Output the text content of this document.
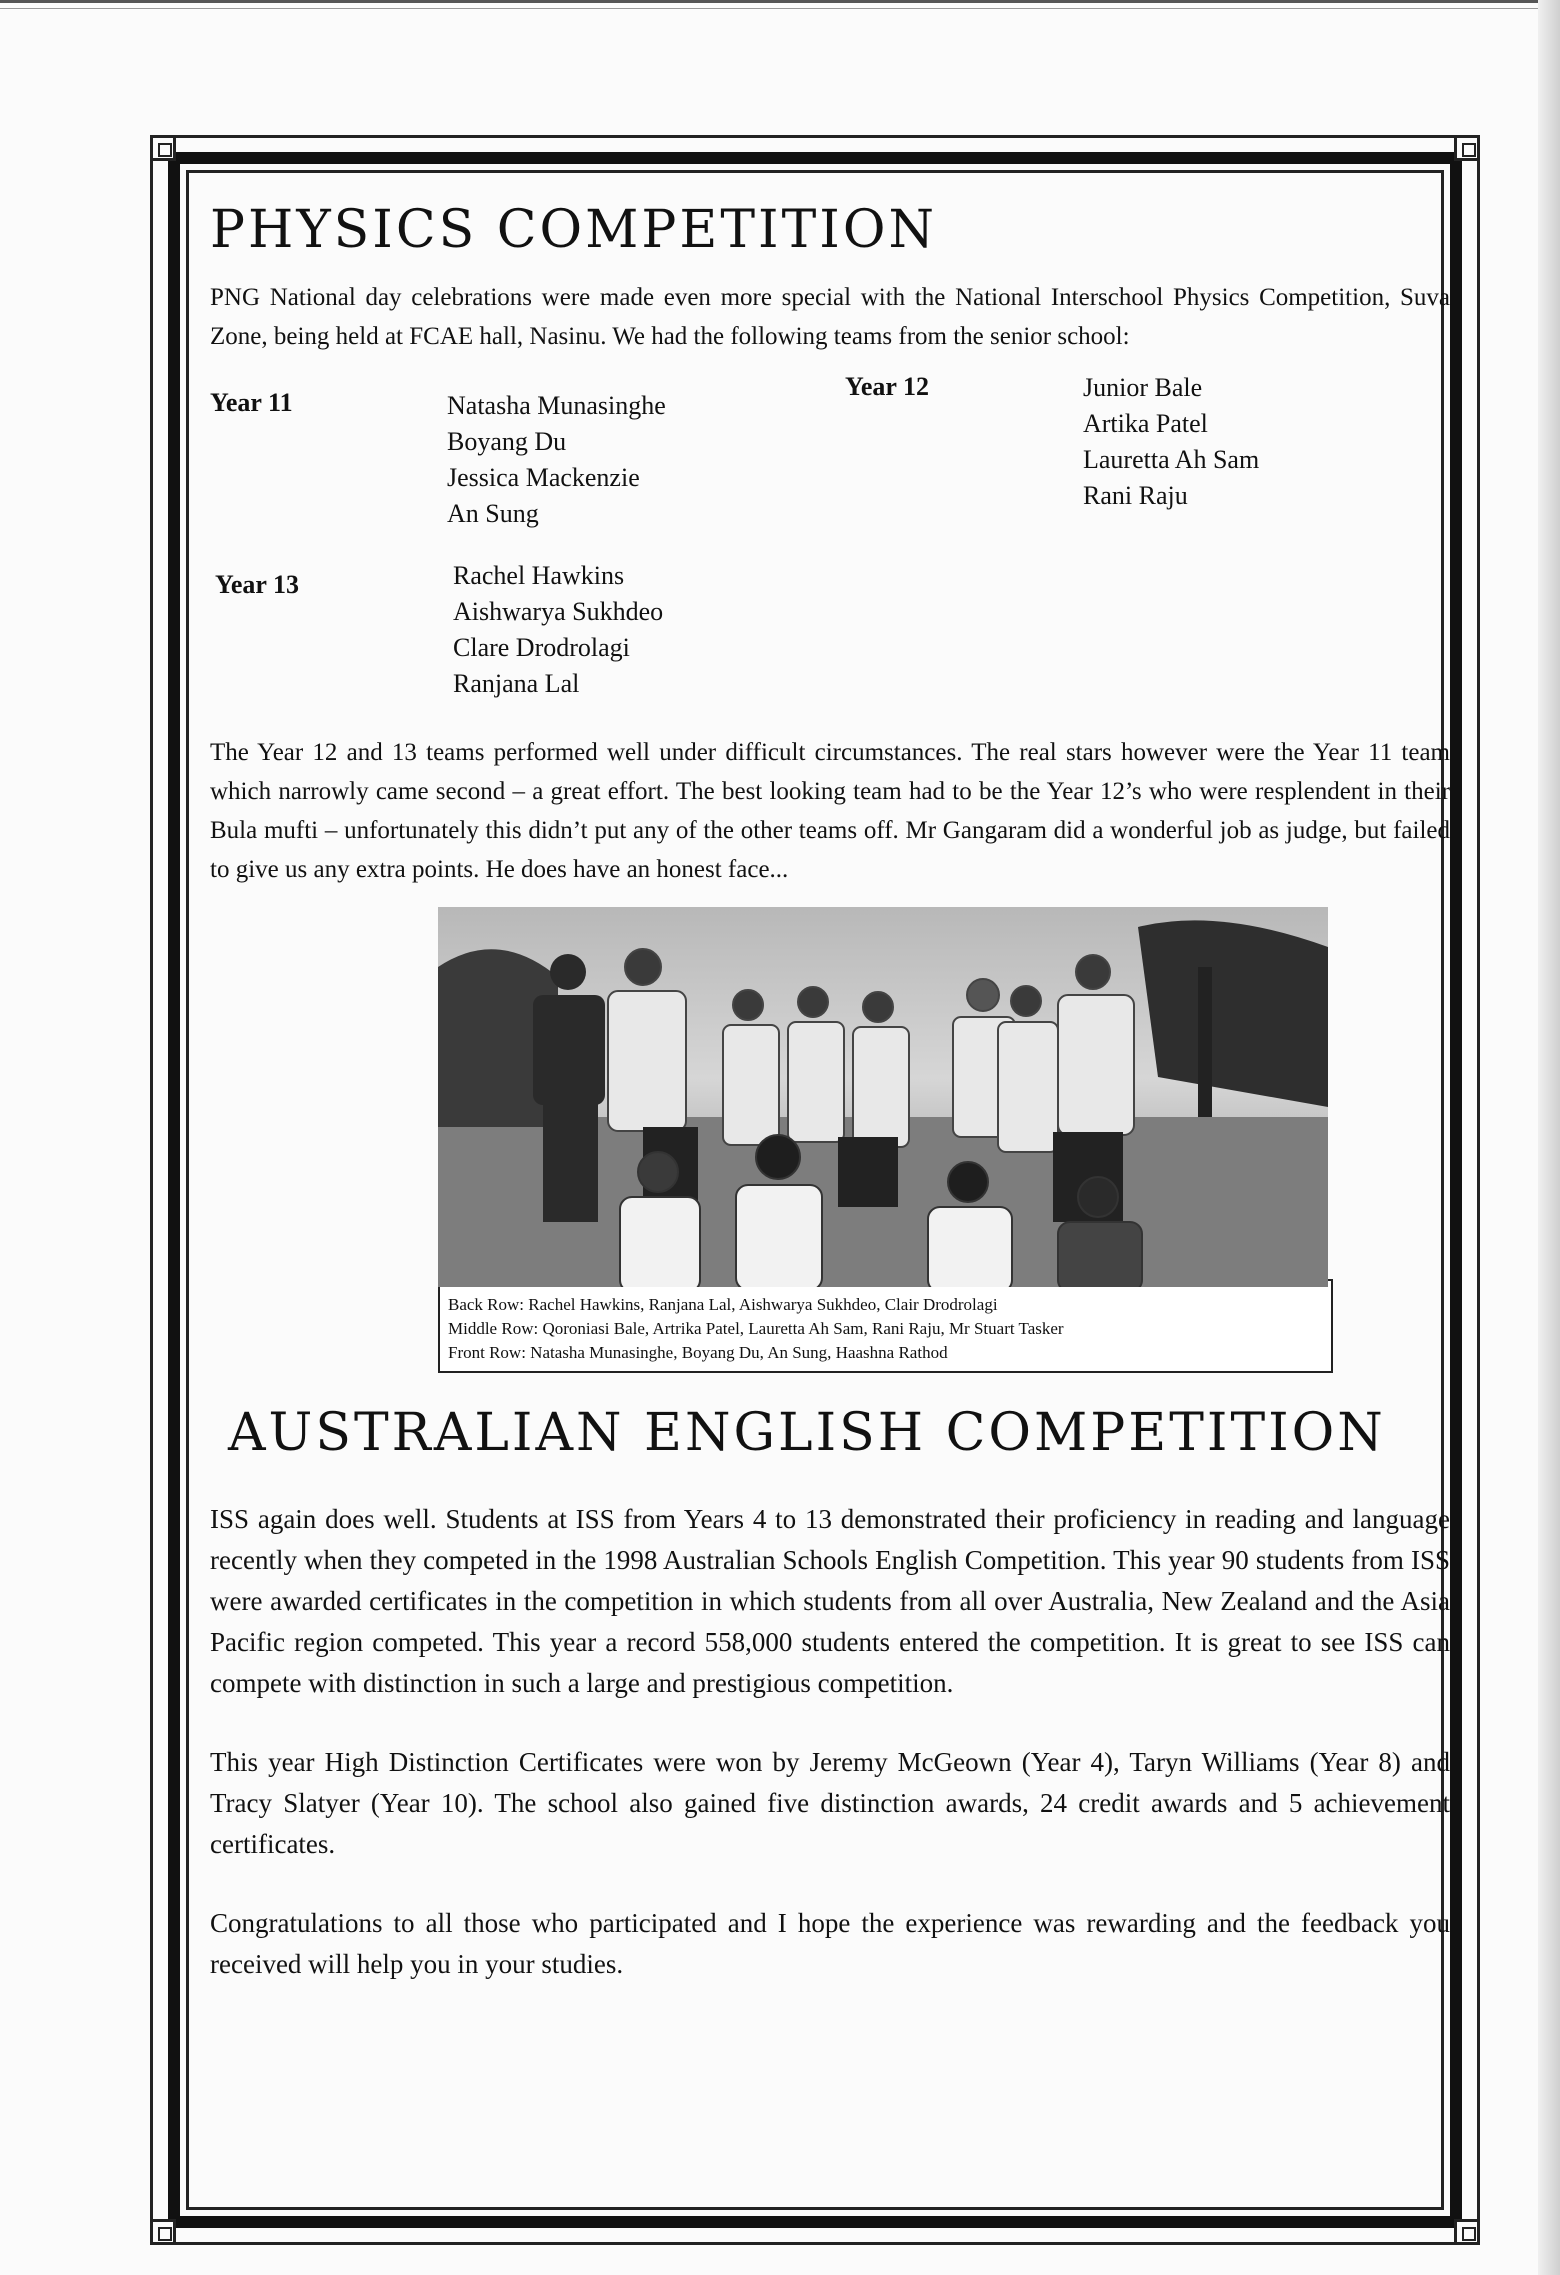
PHYSICS COMPETITION

PNG National day celebrations were made even more special with the National Interschool Physics Competition, Suva Zone, being held at FCAE hall, Nasinu. We had the following teams from the senior school:

Year 11	Natasha Munasinghe
Boyang Du
Jessica Mackenzie
An Sung
Year 12	Junior Bale
Artika Patel
Lauretta Ah Sam
Rani Raju
Year 13	Rachel Hawkins
Aishwarya Sukhdeo
Clare Drodrolagi
Ranjana Lal

The Year 12 and 13 teams performed well under difficult circumstances. The real stars however were the Year 11 team which narrowly came second – a great effort. The best looking team had to be the Year 12’s who were resplendent in their Bula mufti – unfortunately this didn’t put any of the other teams off. Mr Gangaram did a wonderful job as judge, but failed to give us any extra points. He does have an honest face...

Back Row: Rachel Hawkins, Ranjana Lal, Aishwarya Sukhdeo, Clair Drodrolagi
Middle Row: Qoroniasi Bale, Artrika Patel, Lauretta Ah Sam, Rani Raju, Mr Stuart Tasker
Front Row: Natasha Munasinghe, Boyang Du, An Sung, Haashna Rathod
AUSTRALIAN ENGLISH COMPETITION

ISS again does well. Students at ISS from Years 4 to 13 demonstrated their proficiency in reading and language recently when they competed in the 1998 Australian Schools English Competition. This year 90 students from ISS were awarded certificates in the competition in which students from all over Australia, New Zealand and the Asia Pacific region competed. This year a record 558,000 students entered the competition. It is great to see ISS can compete with distinction in such a large and prestigious competition.

This year High Distinction Certificates were won by Jeremy McGeown (Year 4), Taryn Williams (Year 8) and Tracy Slatyer (Year 10). The school also gained five distinction awards, 24 credit awards and 5 achievement certificates.

Congratulations to all those who participated and I hope the experience was rewarding and the feedback you received will help you in your studies.
